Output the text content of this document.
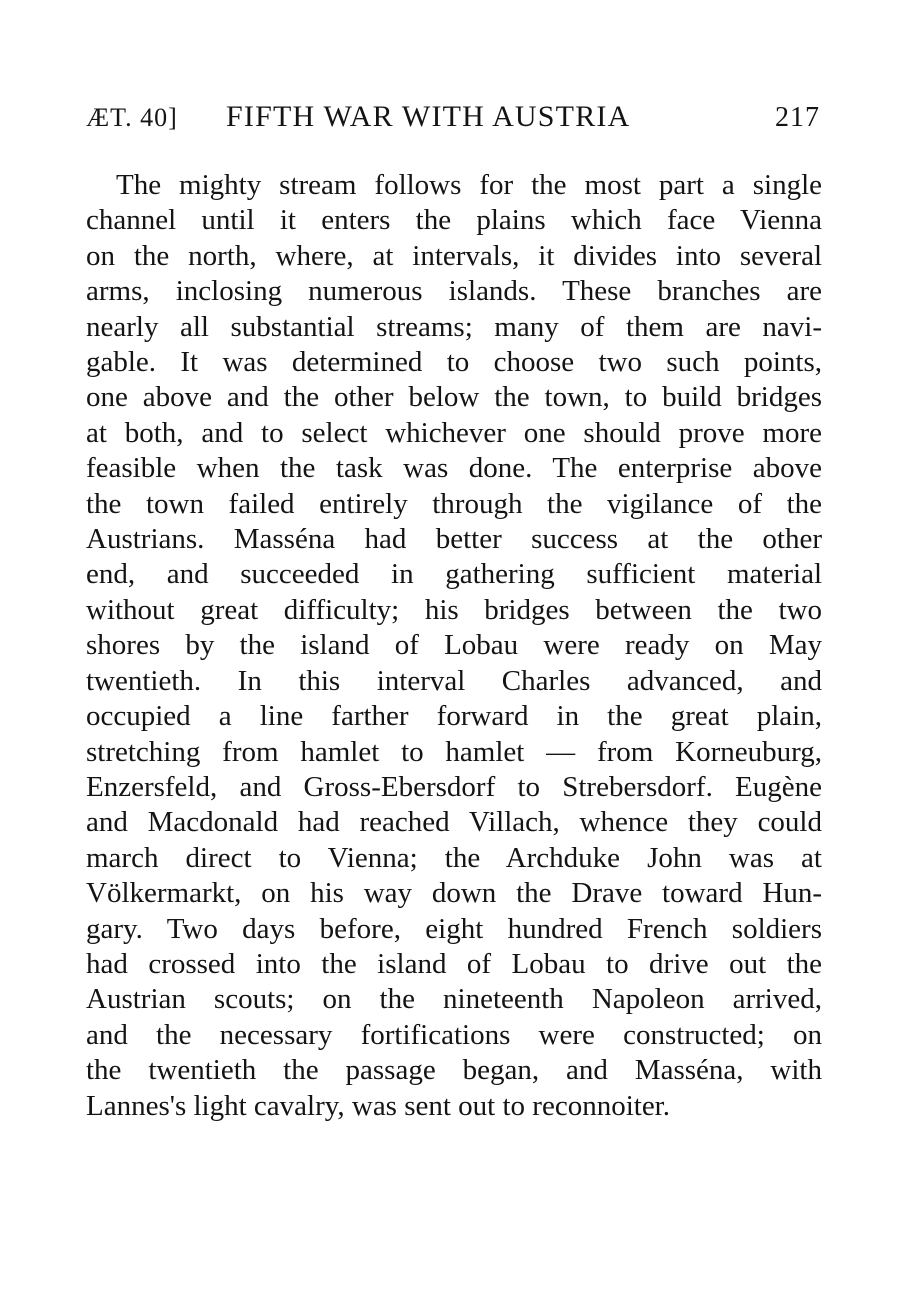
ÆT. 40]	FIFTH WAR WITH AUSTRIA	217
The mighty stream follows for the most part a single
channel until it enters the plains which face Vienna
on the north, where, at intervals, it divides into several
arms, inclosing numerous islands. These branches are
nearly all substantial streams; many of them are navi-
gable. It was determined to choose two such points,
one above and the other below the town, to build bridges
at both, and to select whichever one should prove more
feasible when the task was done. The enterprise above
the town failed entirely through the vigilance of the
Austrians. Masséna had better success at the other
end, and succeeded in gathering sufficient material
without great difficulty; his bridges between the two
shores by the island of Lobau were ready on May
twentieth. In this interval Charles advanced, and
occupied a line farther forward in the great plain,
stretching from hamlet to hamlet — from Korneuburg,
Enzersfeld, and Gross-Ebersdorf to Strebersdorf. Eugène
and Macdonald had reached Villach, whence they could
march direct to Vienna; the Archduke John was at
Völkermarkt, on his way down the Drave toward Hun-
gary. Two days before, eight hundred French soldiers
had crossed into the island of Lobau to drive out the
Austrian scouts; on the nineteenth Napoleon arrived,
and the necessary fortifications were constructed; on
the twentieth the passage began, and Masséna, with
Lannes's light cavalry, was sent out to reconnoiter.
